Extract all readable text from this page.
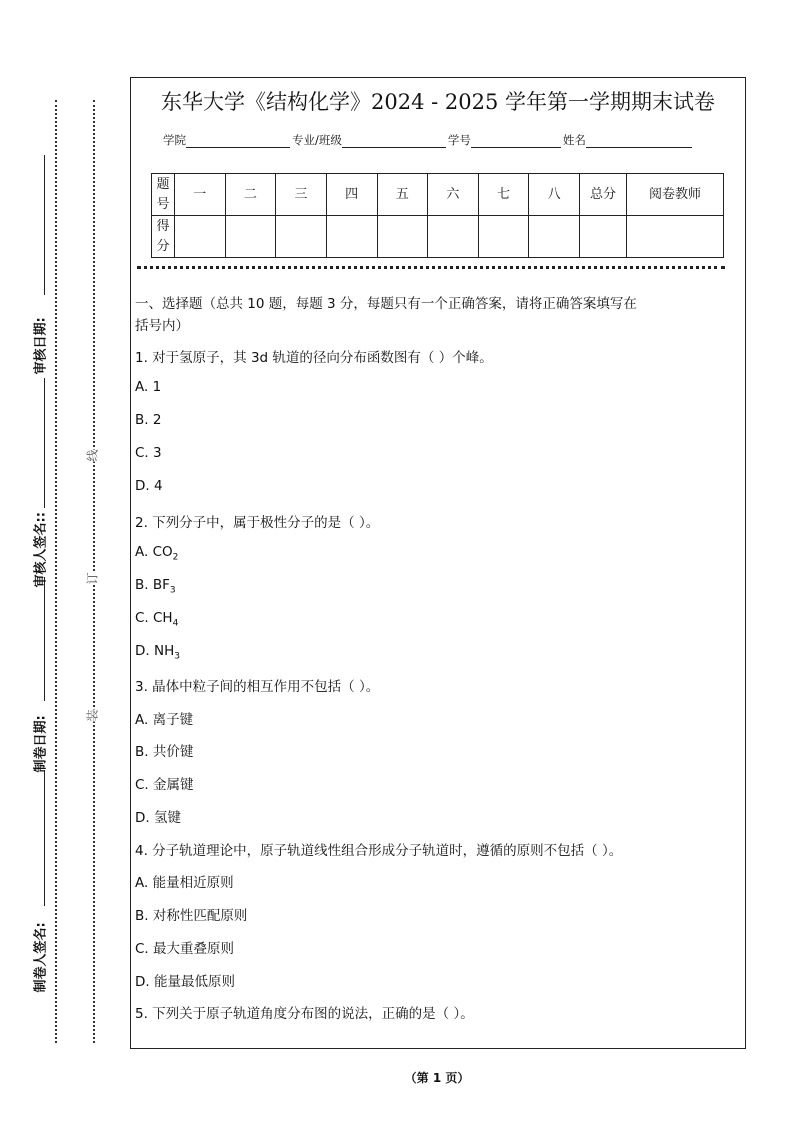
审核日期:
审核人签名::
制卷日期:
制卷人签名:
线
订
装
东华大学《结构化学》2024 - 2025 学年第一学期期末试卷
学院	专业/班级	学号	姓名
题号	一	二	三	四	五	六	七	八	总分	阅卷教师
得分										
一、选择题（总共 10 题，每题 3 分，每题只有一个正确答案，请将正确答案填写在
括号内）
1. 对于氢原子，其 3d 轨道的径向分布函数图有（ ）个峰。
A. 1
B. 2
C. 3
D. 4
2. 下列分子中，属于极性分子的是（ ）。
A. $CO_2$
B. $BF_3$
C. $CH_4$
D. $NH_3$
3. 晶体中粒子间的相互作用不包括（ ）。
A. 离子键
B. 共价键
C. 金属键
D. 氢键
4. 分子轨道理论中，原子轨道线性组合形成分子轨道时，遵循的原则不包括（ ）。
A. 能量相近原则
B. 对称性匹配原则
C. 最大重叠原则
D. 能量最低原则
5. 下列关于原子轨道角度分布图的说法，正确的是（ ）。
（第 1 页）
